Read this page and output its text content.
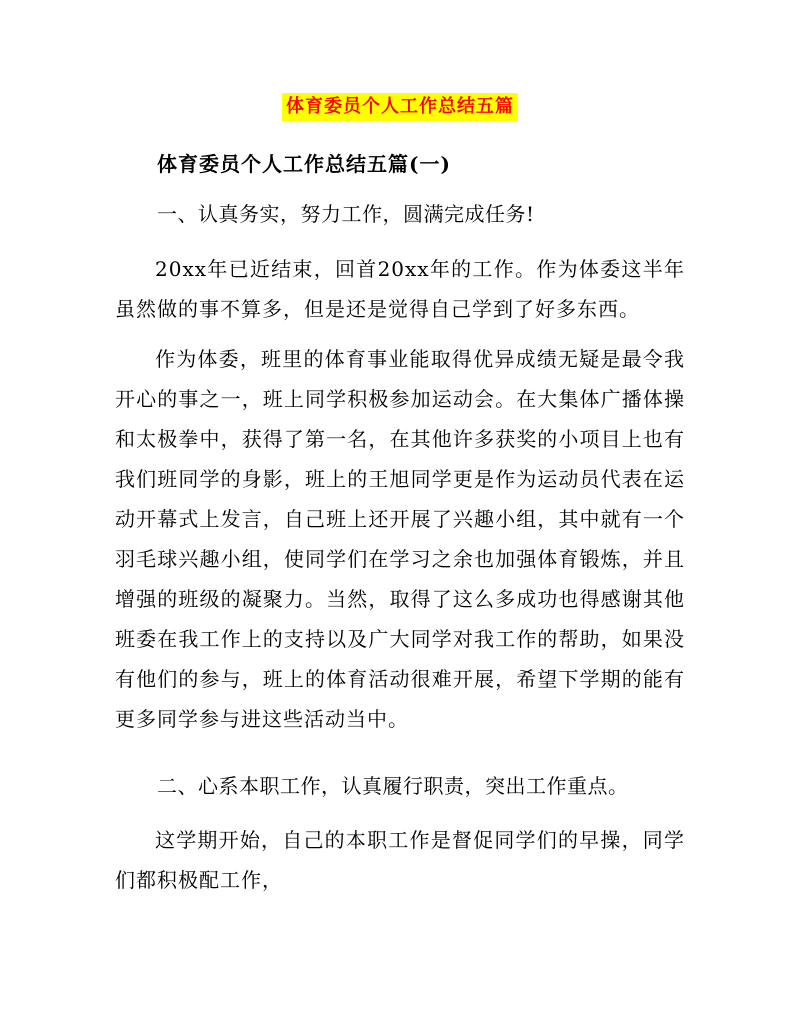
体育委员个人工作总结五篇
体育委员个人工作总结五篇(一)
一、认真务实，努力工作，圆满完成任务!
20xx年已近结束，回首20xx年的工作。作为体委这半年虽然做的事不算多，但是还是觉得自己学到了好多东西。
作为体委，班里的体育事业能取得优异成绩无疑是最令我开心的事之一，班上同学积极参加运动会。在大集体广播体操和太极拳中，获得了第一名，在其他许多获奖的小项目上也有我们班同学的身影，班上的王旭同学更是作为运动员代表在运动开幕式上发言，自己班上还开展了兴趣小组，其中就有一个羽毛球兴趣小组，使同学们在学习之余也加强体育锻炼，并且增强的班级的凝聚力。当然，取得了这么多成功也得感谢其他班委在我工作上的支持以及广大同学对我工作的帮助，如果没有他们的参与，班上的体育活动很难开展，希望下学期的能有更多同学参与进这些活动当中。
二、心系本职工作，认真履行职责，突出工作重点。
这学期开始，自己的本职工作是督促同学们的早操，同学们都积极配工作，
